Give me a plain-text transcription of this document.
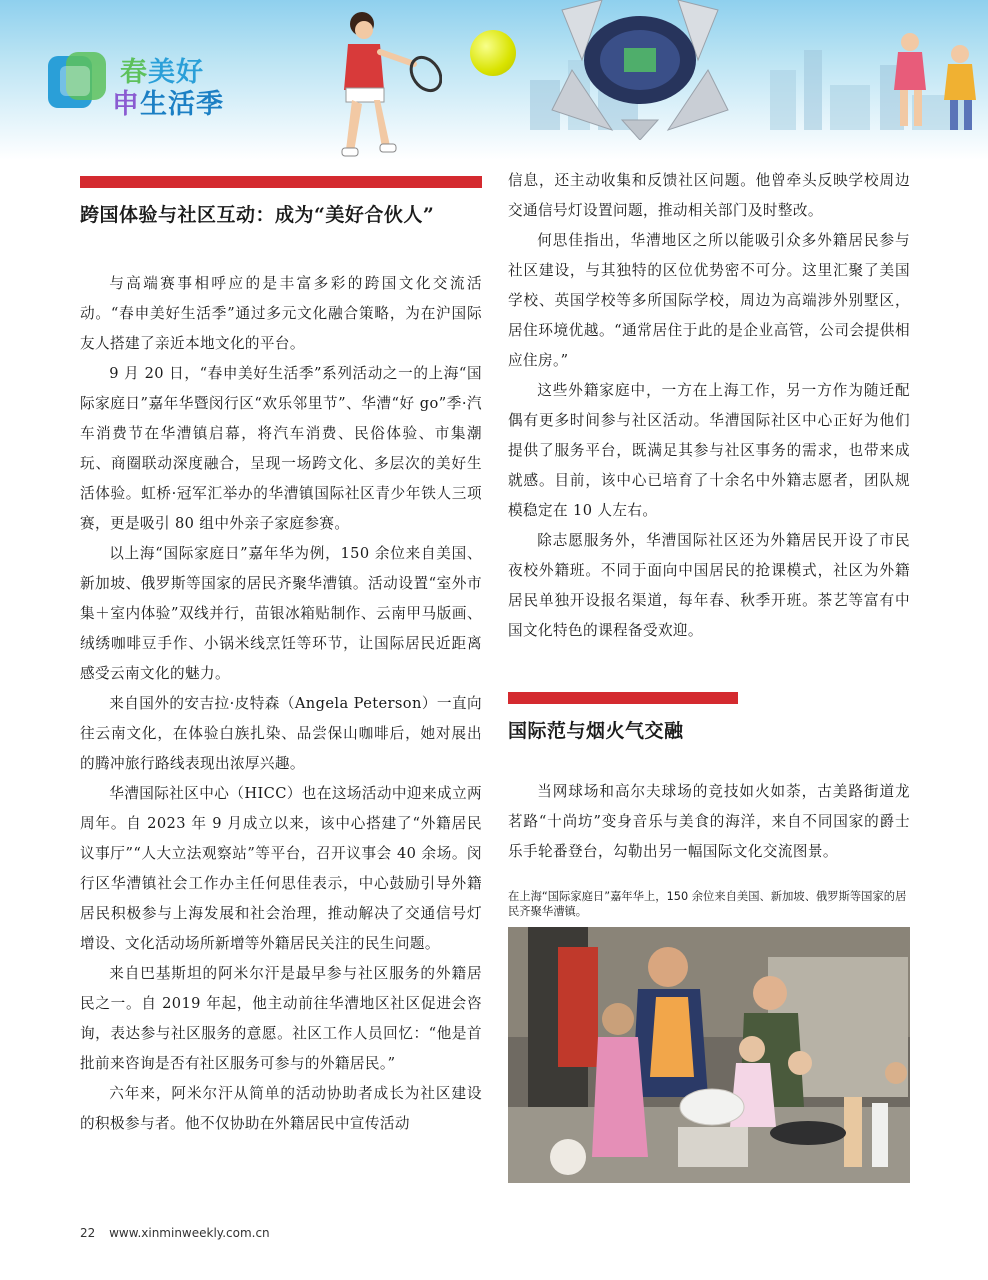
春美好
申生活季
跨国体验与社区互动：成为“美好合伙人”

与高端赛事相呼应的是丰富多彩的跨国文化交流活动。“春申美好生活季”通过多元文化融合策略，为在沪国际友人搭建了亲近本地文化的平台。

9 月 20 日，“春申美好生活季”系列活动之一的上海“国际家庭日”嘉年华暨闵行区“欢乐邻里节”、华漕“好 go”季·汽车消费节在华漕镇启幕，将汽车消费、民俗体验、市集潮玩、商圈联动深度融合，呈现一场跨文化、多层次的美好生活体验。虹桥·冠军汇举办的华漕镇国际社区青少年铁人三项赛，更是吸引 80 组中外亲子家庭参赛。

以上海“国际家庭日”嘉年华为例，150 余位来自美国、新加坡、俄罗斯等国家的居民齐聚华漕镇。活动设置“室外市集＋室内体验”双线并行，苗银冰箱贴制作、云南甲马版画、绒绣咖啡豆手作、小锅米线烹饪等环节，让国际居民近距离感受云南文化的魅力。

来自国外的安吉拉·皮特森（Angela Peterson）一直向往云南文化，在体验白族扎染、品尝保山咖啡后，她对展出的腾冲旅行路线表现出浓厚兴趣。

华漕国际社区中心（HICC）也在这场活动中迎来成立两周年。自 2023 年 9 月成立以来，该中心搭建了“外籍居民议事厅”“人大立法观察站”等平台，召开议事会 40 余场。闵行区华漕镇社会工作办主任何思佳表示，中心鼓励引导外籍居民积极参与上海发展和社会治理，推动解决了交通信号灯增设、文化活动场所新增等外籍居民关注的民生问题。

来自巴基斯坦的阿米尔汗是最早参与社区服务的外籍居民之一。自 2019 年起，他主动前往华漕地区社区促进会咨询，表达参与社区服务的意愿。社区工作人员回忆：“他是首批前来咨询是否有社区服务可参与的外籍居民。”

六年来，阿米尔汗从简单的活动协助者成长为社区建设的积极参与者。他不仅协助在外籍居民中宣传活动

信息，还主动收集和反馈社区问题。他曾牵头反映学校周边交通信号灯设置问题，推动相关部门及时整改。

何思佳指出，华漕地区之所以能吸引众多外籍居民参与社区建设，与其独特的区位优势密不可分。这里汇聚了美国学校、英国学校等多所国际学校，周边为高端涉外别墅区，居住环境优越。“通常居住于此的是企业高管，公司会提供相应住房。”

这些外籍家庭中，一方在上海工作，另一方作为随迁配偶有更多时间参与社区活动。华漕国际社区中心正好为他们提供了服务平台，既满足其参与社区事务的需求，也带来成就感。目前，该中心已培育了十余名中外籍志愿者，团队规模稳定在 10 人左右。

除志愿服务外，华漕国际社区还为外籍居民开设了市民夜校外籍班。不同于面向中国居民的抢课模式，社区为外籍居民单独开设报名渠道，每年春、秋季开班。茶艺等富有中国文化特色的课程备受欢迎。

国际范与烟火气交融

当网球场和高尔夫球场的竞技如火如荼，古美路街道龙茗路“十尚坊”变身音乐与美食的海洋，来自不同国家的爵士乐手轮番登台，勾勒出另一幅国际文化交流图景。

在上海“国际家庭日”嘉年华上，150 余位来自美国、新加坡、俄罗斯等国家的居民齐聚华漕镇。

22 www.xinminweekly.com.cn
